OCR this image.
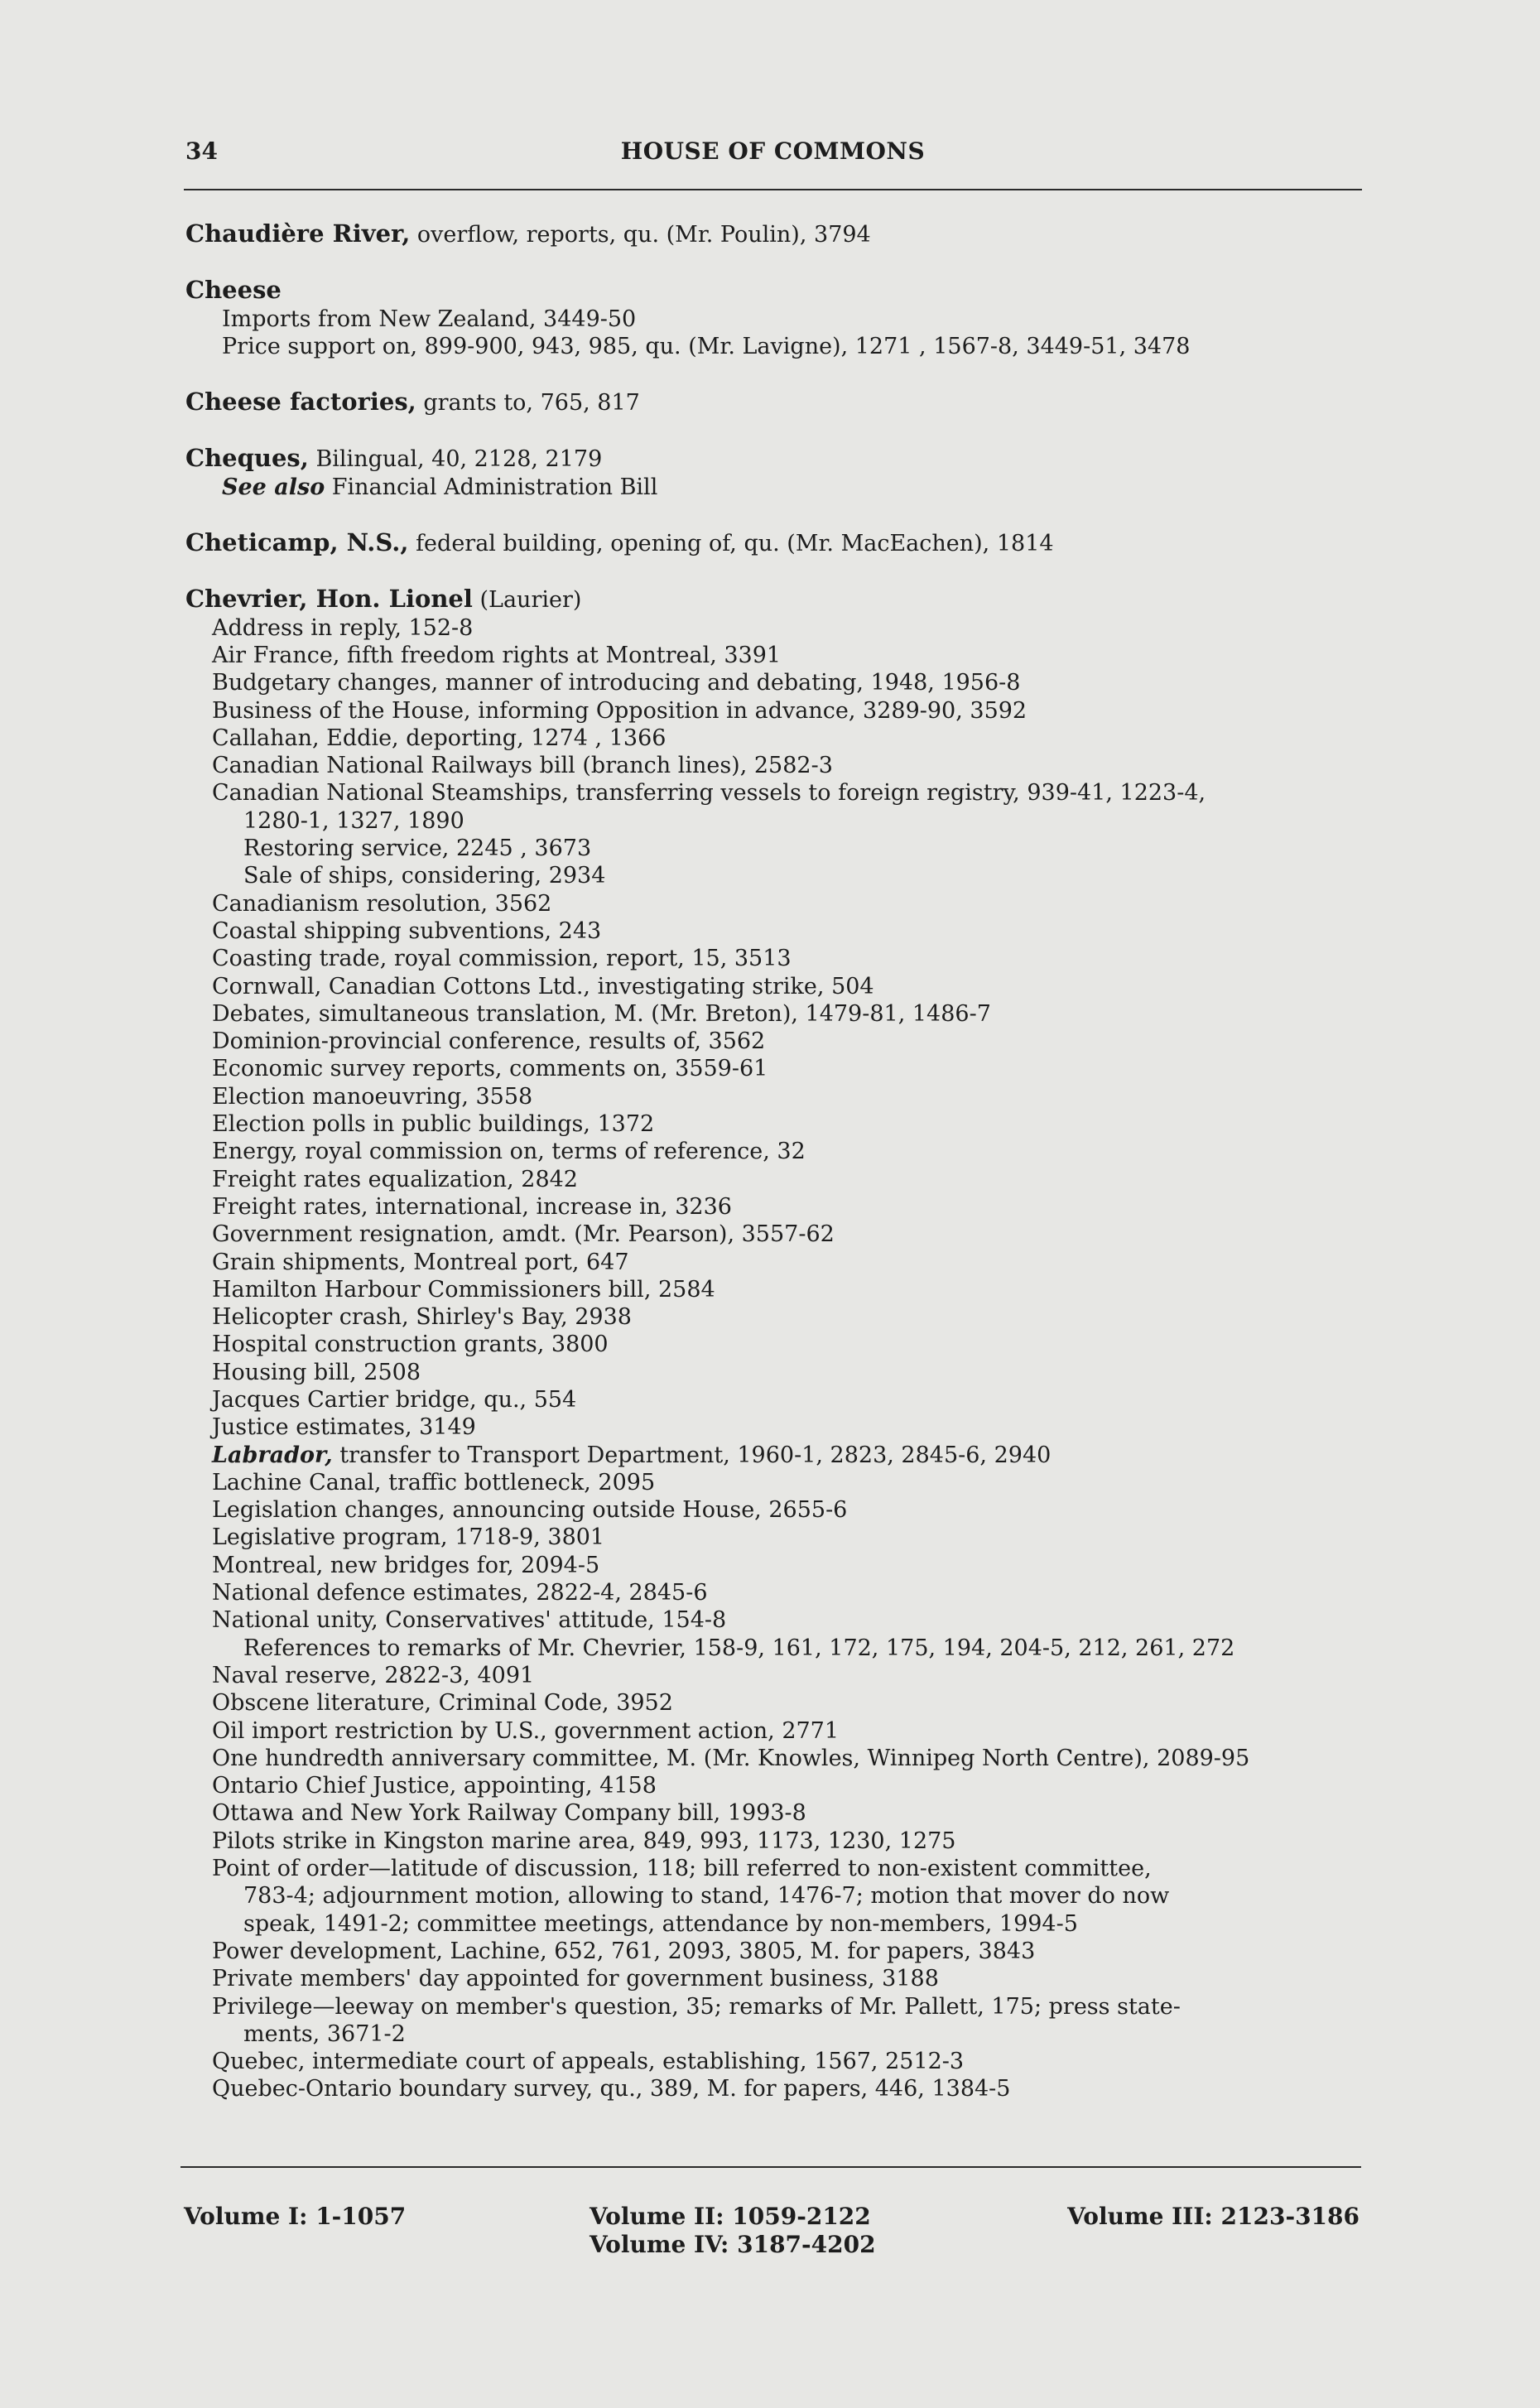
34	HOUSE OF COMMONS
Chaudière River, overflow, reports, qu. (Mr. Poulin), 3794
Cheese
Imports from New Zealand, 3449-50
Price support on, 899-900, 943, 985, qu. (Mr. Lavigne), 1271 , 1567-8, 3449-51, 3478
Cheese factories, grants to, 765, 817
Cheques, Bilingual, 40, 2128, 2179
See also Financial Administration Bill
Cheticamp, N.S., federal building, opening of, qu. (Mr. MacEachen), 1814
Chevrier, Hon. Lionel (Laurier)
Address in reply, 152-8
Air France, fifth freedom rights at Montreal, 3391
Budgetary changes, manner of introducing and debating, 1948, 1956-8
Business of the House, informing Opposition in advance, 3289-90, 3592
Callahan, Eddie, deporting, 1274 , 1366
Canadian National Railways bill (branch lines), 2582-3
Canadian National Steamships, transferring vessels to foreign registry, 939-41, 1223-4,
1280-1, 1327, 1890
Restoring service, 2245 , 3673
Sale of ships, considering, 2934
Canadianism resolution, 3562
Coastal shipping subventions, 243
Coasting trade, royal commission, report, 15, 3513
Cornwall, Canadian Cottons Ltd., investigating strike, 504
Debates, simultaneous translation, M. (Mr. Breton), 1479-81, 1486-7
Dominion-provincial conference, results of, 3562
Economic survey reports, comments on, 3559-61
Election manoeuvring, 3558
Election polls in public buildings, 1372
Energy, royal commission on, terms of reference, 32
Freight rates equalization, 2842
Freight rates, international, increase in, 3236
Government resignation, amdt. (Mr. Pearson), 3557-62
Grain shipments, Montreal port, 647
Hamilton Harbour Commissioners bill, 2584
Helicopter crash, Shirley's Bay, 2938
Hospital construction grants, 3800
Housing bill, 2508
Jacques Cartier bridge, qu., 554
Justice estimates, 3149
Labrador, transfer to Transport Department, 1960-1, 2823, 2845-6, 2940
Lachine Canal, traffic bottleneck, 2095
Legislation changes, announcing outside House, 2655-6
Legislative program, 1718-9, 3801
Montreal, new bridges for, 2094-5
National defence estimates, 2822-4, 2845-6
National unity, Conservatives' attitude, 154-8
References to remarks of Mr. Chevrier, 158-9, 161, 172, 175, 194, 204-5, 212, 261, 272
Naval reserve, 2822-3, 4091
Obscene literature, Criminal Code, 3952
Oil import restriction by U.S., government action, 2771
One hundredth anniversary committee, M. (Mr. Knowles, Winnipeg North Centre), 2089-95
Ontario Chief Justice, appointing, 4158
Ottawa and New York Railway Company bill, 1993-8
Pilots strike in Kingston marine area, 849, 993, 1173, 1230, 1275
Point of order—latitude of discussion, 118; bill referred to non-existent committee,
783-4; adjournment motion, allowing to stand, 1476-7; motion that mover do now
speak, 1491-2; committee meetings, attendance by non-members, 1994-5
Power development, Lachine, 652, 761, 2093, 3805, M. for papers, 3843
Private members' day appointed for government business, 3188
Privilege—leeway on member's question, 35; remarks of Mr. Pallett, 175; press state-
ments, 3671-2
Quebec, intermediate court of appeals, establishing, 1567, 2512-3
Quebec-Ontario boundary survey, qu., 389, M. for papers, 446, 1384-5
Volume I: 1-1057	Volume II: 1059-2122
Volume IV: 3187-4202
Volume III: 2123-3186
